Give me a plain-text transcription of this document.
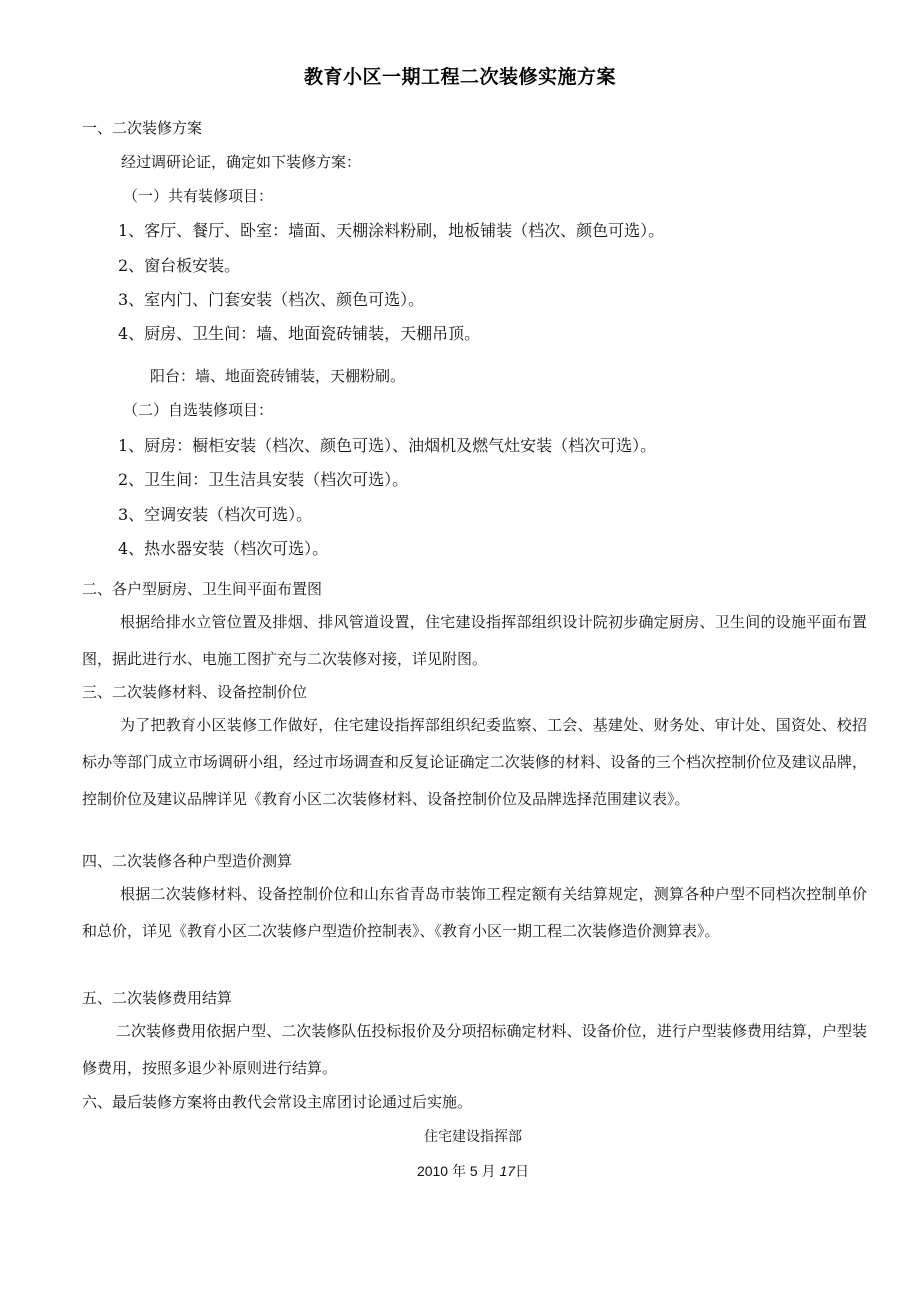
教育小区一期工程二次装修实施方案
一、二次装修方案
经过调研论证，确定如下装修方案：
（一）共有装修项目：
1、客厅、餐厅、卧室：墙面、天棚涂料粉刷，地板铺装（档次、颜色可选）。
2、窗台板安装。
3、室内门、门套安装（档次、颜色可选）。
4、厨房、卫生间：墙、地面瓷砖铺装，天棚吊顶。
阳台：墙、地面瓷砖铺装，天棚粉刷。
（二）自选装修项目：
1、厨房：橱柜安装（档次、颜色可选）、油烟机及燃气灶安装（档次可选）。
2、卫生间：卫生洁具安装（档次可选）。
3、空调安装（档次可选）。
4、热水器安装（档次可选）。
二、各户型厨房、卫生间平面布置图
根据给排水立管位置及排烟、排风管道设置，住宅建设指挥部组织设计院初步确定厨房、卫生间的设施平面布置图，据此进行水、电施工图扩充与二次装修对接，详见附图。
三、二次装修材料、设备控制价位
为了把教育小区装修工作做好，住宅建设指挥部组织纪委监察、工会、基建处、财务处、审计处、国资处、校招标办等部门成立市场调研小组，经过市场调查和反复论证确定二次装修的材料、设备的三个档次控制价位及建议品牌，控制价位及建议品牌详见《教育小区二次装修材料、设备控制价位及品牌选择范围建议表》。
四、二次装修各种户型造价测算
根据二次装修材料、设备控制价位和山东省青岛市装饰工程定额有关结算规定，测算各种户型不同档次控制单价和总价，详见《教育小区二次装修户型造价控制表》、《教育小区一期工程二次装修造价测算表》。
五、二次装修费用结算
二次装修费用依据户型、二次装修队伍投标报价及分项招标确定材料、设备价位，进行户型装修费用结算，户型装修费用，按照多退少补原则进行结算。
六、最后装修方案将由教代会常设主席团讨论通过后实施。
住宅建设指挥部
2010 年 5 月 17日
